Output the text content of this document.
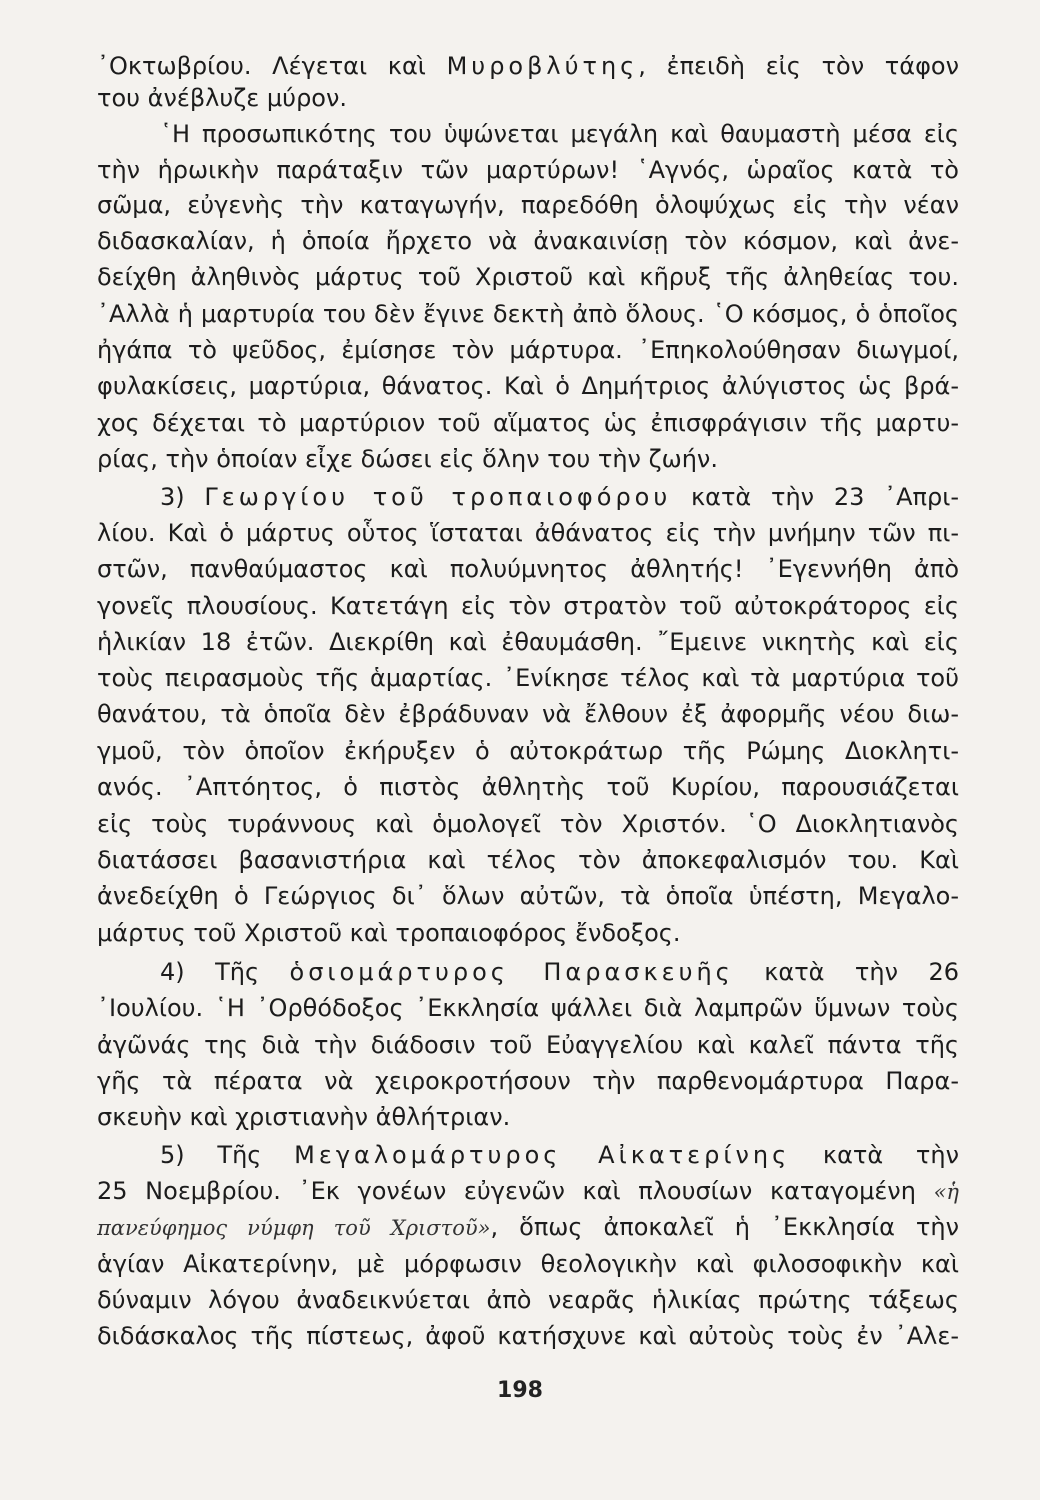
᾿Οκτωβρίου. Λέγεται καὶ Μυροβλύτης, ἐπειδὴ εἰς τὸν τάφον
του ἀνέβλυζε μύρον.
῾Η προσωπικότης του ὑψώνεται μεγάλη καὶ θαυμαστὴ μέσα εἰς
τὴν ἡρωικὴν παράταξιν τῶν μαρτύρων! ῾Αγνός, ὡραῖος κατὰ τὸ
σῶμα, εὐγενὴς τὴν καταγωγήν, παρεδόθη ὁλοψύχως εἰς τὴν νέαν
διδασκαλίαν, ἡ ὁποία ἤρχετο νὰ ἀνακαινίσῃ τὸν κόσμον, καὶ ἀνε-
δείχθη ἀληθινὸς μάρτυς τοῦ Χριστοῦ καὶ κῆρυξ τῆς ἀληθείας του.
᾿Αλλὰ ἡ μαρτυρία του δὲν ἔγινε δεκτὴ ἀπὸ ὅλους. ῾Ο κόσμος, ὁ ὁποῖος
ἠγάπα τὸ ψεῦδος, ἐμίσησε τὸν μάρτυρα. ᾿Επηκολούθησαν διωγμοί,
φυλακίσεις, μαρτύρια, θάνατος. Καὶ ὁ Δημήτριος ἀλύγιστος ὡς βρά-
χος δέχεται τὸ μαρτύριον τοῦ αἵματος ὡς ἐπισφράγισιν τῆς μαρτυ-
ρίας, τὴν ὁποίαν εἶχε δώσει εἰς ὅλην του τὴν ζωήν.
3) Γεωργίου τοῦ τροπαιοφόρου κατὰ τὴν 23 ᾿Απρι-
λίου. Καὶ ὁ μάρτυς οὗτος ἵσταται ἀθάνατος εἰς τὴν μνήμην τῶν πι-
στῶν, πανθαύμαστος καὶ πολυύμνητος ἀθλητής! ᾿Εγεννήθη ἀπὸ
γονεῖς πλουσίους. Κατετάγη εἰς τὸν στρατὸν τοῦ αὐτοκράτορος εἰς
ἡλικίαν 18 ἐτῶν. Διεκρίθη καὶ ἐθαυμάσθη. ῎Εμεινε νικητὴς καὶ εἰς
τοὺς πειρασμοὺς τῆς ἁμαρτίας. ᾿Ενίκησε τέλος καὶ τὰ μαρτύρια τοῦ
θανάτου, τὰ ὁποῖα δὲν ἐβράδυναν νὰ ἔλθουν ἐξ ἀφορμῆς νέου διω-
γμοῦ, τὸν ὁποῖον ἐκήρυξεν ὁ αὐτοκράτωρ τῆς Ρώμης Διοκλητι-
ανός. ᾿Απτόητος, ὁ πιστὸς ἀθλητὴς τοῦ Κυρίου, παρουσιάζεται
εἰς τοὺς τυράννους καὶ ὁμολογεῖ τὸν Χριστόν. ῾Ο Διοκλητιανὸς
διατάσσει βασανιστήρια καὶ τέλος τὸν ἀποκεφαλισμόν του. Καὶ
ἀνεδείχθη ὁ Γεώργιος δι᾿ ὅλων αὐτῶν, τὰ ὁποῖα ὑπέστη, Μεγαλο-
μάρτυς τοῦ Χριστοῦ καὶ τροπαιοφόρος ἔνδοξος.
4) Τῆς ὁσιομάρτυρος Παρασκευῆς κατὰ τὴν 26
᾿Ιουλίου. ῾Η ᾿Ορθόδοξος ᾿Εκκλησία ψάλλει διὰ λαμπρῶν ὕμνων τοὺς
ἀγῶνάς της διὰ τὴν διάδοσιν τοῦ Εὐαγγελίου καὶ καλεῖ πάντα τῆς
γῆς τὰ πέρατα νὰ χειροκροτήσουν τὴν παρθενομάρτυρα Παρα-
σκευὴν καὶ χριστιανὴν ἀθλήτριαν.
5) Τῆς Μεγαλομάρτυρος Αἰκατερίνης κατὰ τὴν
25 Νοεμβρίου. ᾿Εκ γονέων εὐγενῶν καὶ πλουσίων καταγομένη «ἡ
πανεύφημος νύμφη τοῦ Χριστοῦ», ὅπως ἀποκαλεῖ ἡ ᾿Εκκλησία τὴν
ἁγίαν Αἰκατερίνην, μὲ μόρφωσιν θεολογικὴν καὶ φιλοσοφικὴν καὶ
δύναμιν λόγου ἀναδεικνύεται ἀπὸ νεαρᾶς ἡλικίας πρώτης τάξεως
διδάσκαλος τῆς πίστεως, ἀφοῦ κατήσχυνε καὶ αὐτοὺς τοὺς ἐν ᾿Αλε-
198
